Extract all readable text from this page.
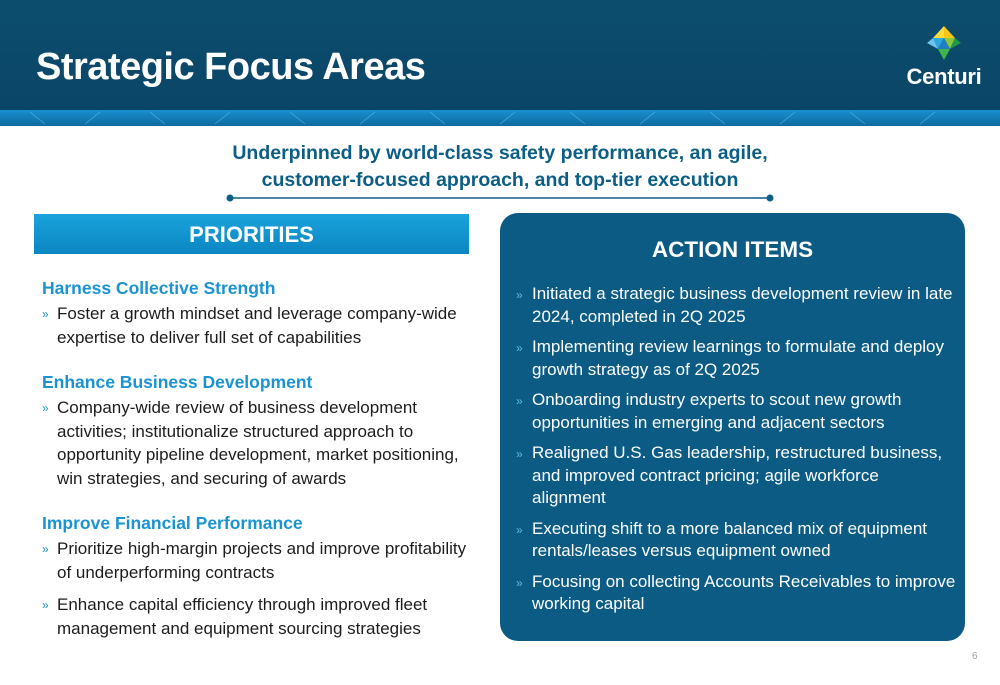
Strategic Focus Areas	Centuri
Underpinned by world-class safety performance, an agile,
customer-focused approach, and top-tier execution
PRIORITIES
Harness Collective Strength
» Foster a growth mindset and leverage company-wide expertise to deliver full set of capabilities
Enhance Business Development
» Company-wide review of business development activities; institutionalize structured approach to opportunity pipeline development, market positioning, win strategies, and securing of awards
Improve Financial Performance
» Prioritize high-margin projects and improve profitability of underperforming contracts
» Enhance capital efficiency through improved fleet management and equipment sourcing strategies
ACTION ITEMS
» Initiated a strategic business development review in late 2024, completed in 2Q 2025
» Implementing review learnings to formulate and deploy growth strategy as of 2Q 2025
» Onboarding industry experts to scout new growth opportunities in emerging and adjacent sectors
» Realigned U.S. Gas leadership, restructured business, and improved contract pricing; agile workforce alignment
» Executing shift to a more balanced mix of equipment rentals/leases versus equipment owned
» Focusing on collecting Accounts Receivables to improve working capital
6
